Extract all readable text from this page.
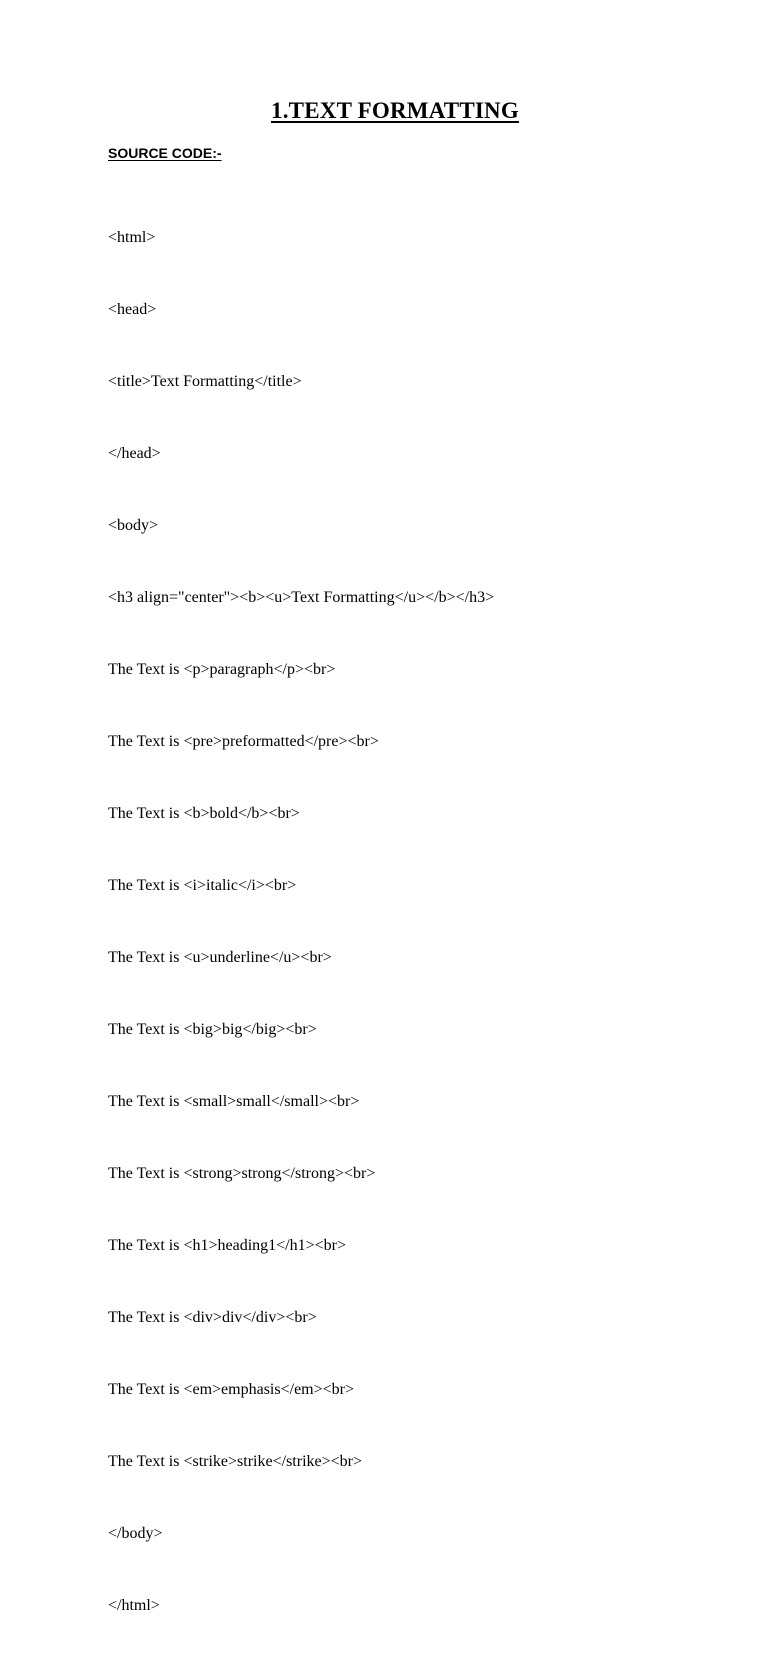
1.TEXT FORMATTING
SOURCE CODE:-

<html>

<head>

<title>Text Formatting</title>

</head>

<body>

<h3 align="center"><b><u>Text Formatting</u></b></h3>

The Text is <p>paragraph</p><br>

The Text is <pre>preformatted</pre><br>

The Text is <b>bold</b><br>

The Text is <i>italic</i><br>

The Text is <u>underline</u><br>

The Text is <big>big</big><br>

The Text is <small>small</small><br>

The Text is <strong>strong</strong><br>

The Text is <h1>heading1</h1><br>

The Text is <div>div</div><br>

The Text is <em>emphasis</em><br>

The Text is <strike>strike</strike><br>

</body>

</html>
